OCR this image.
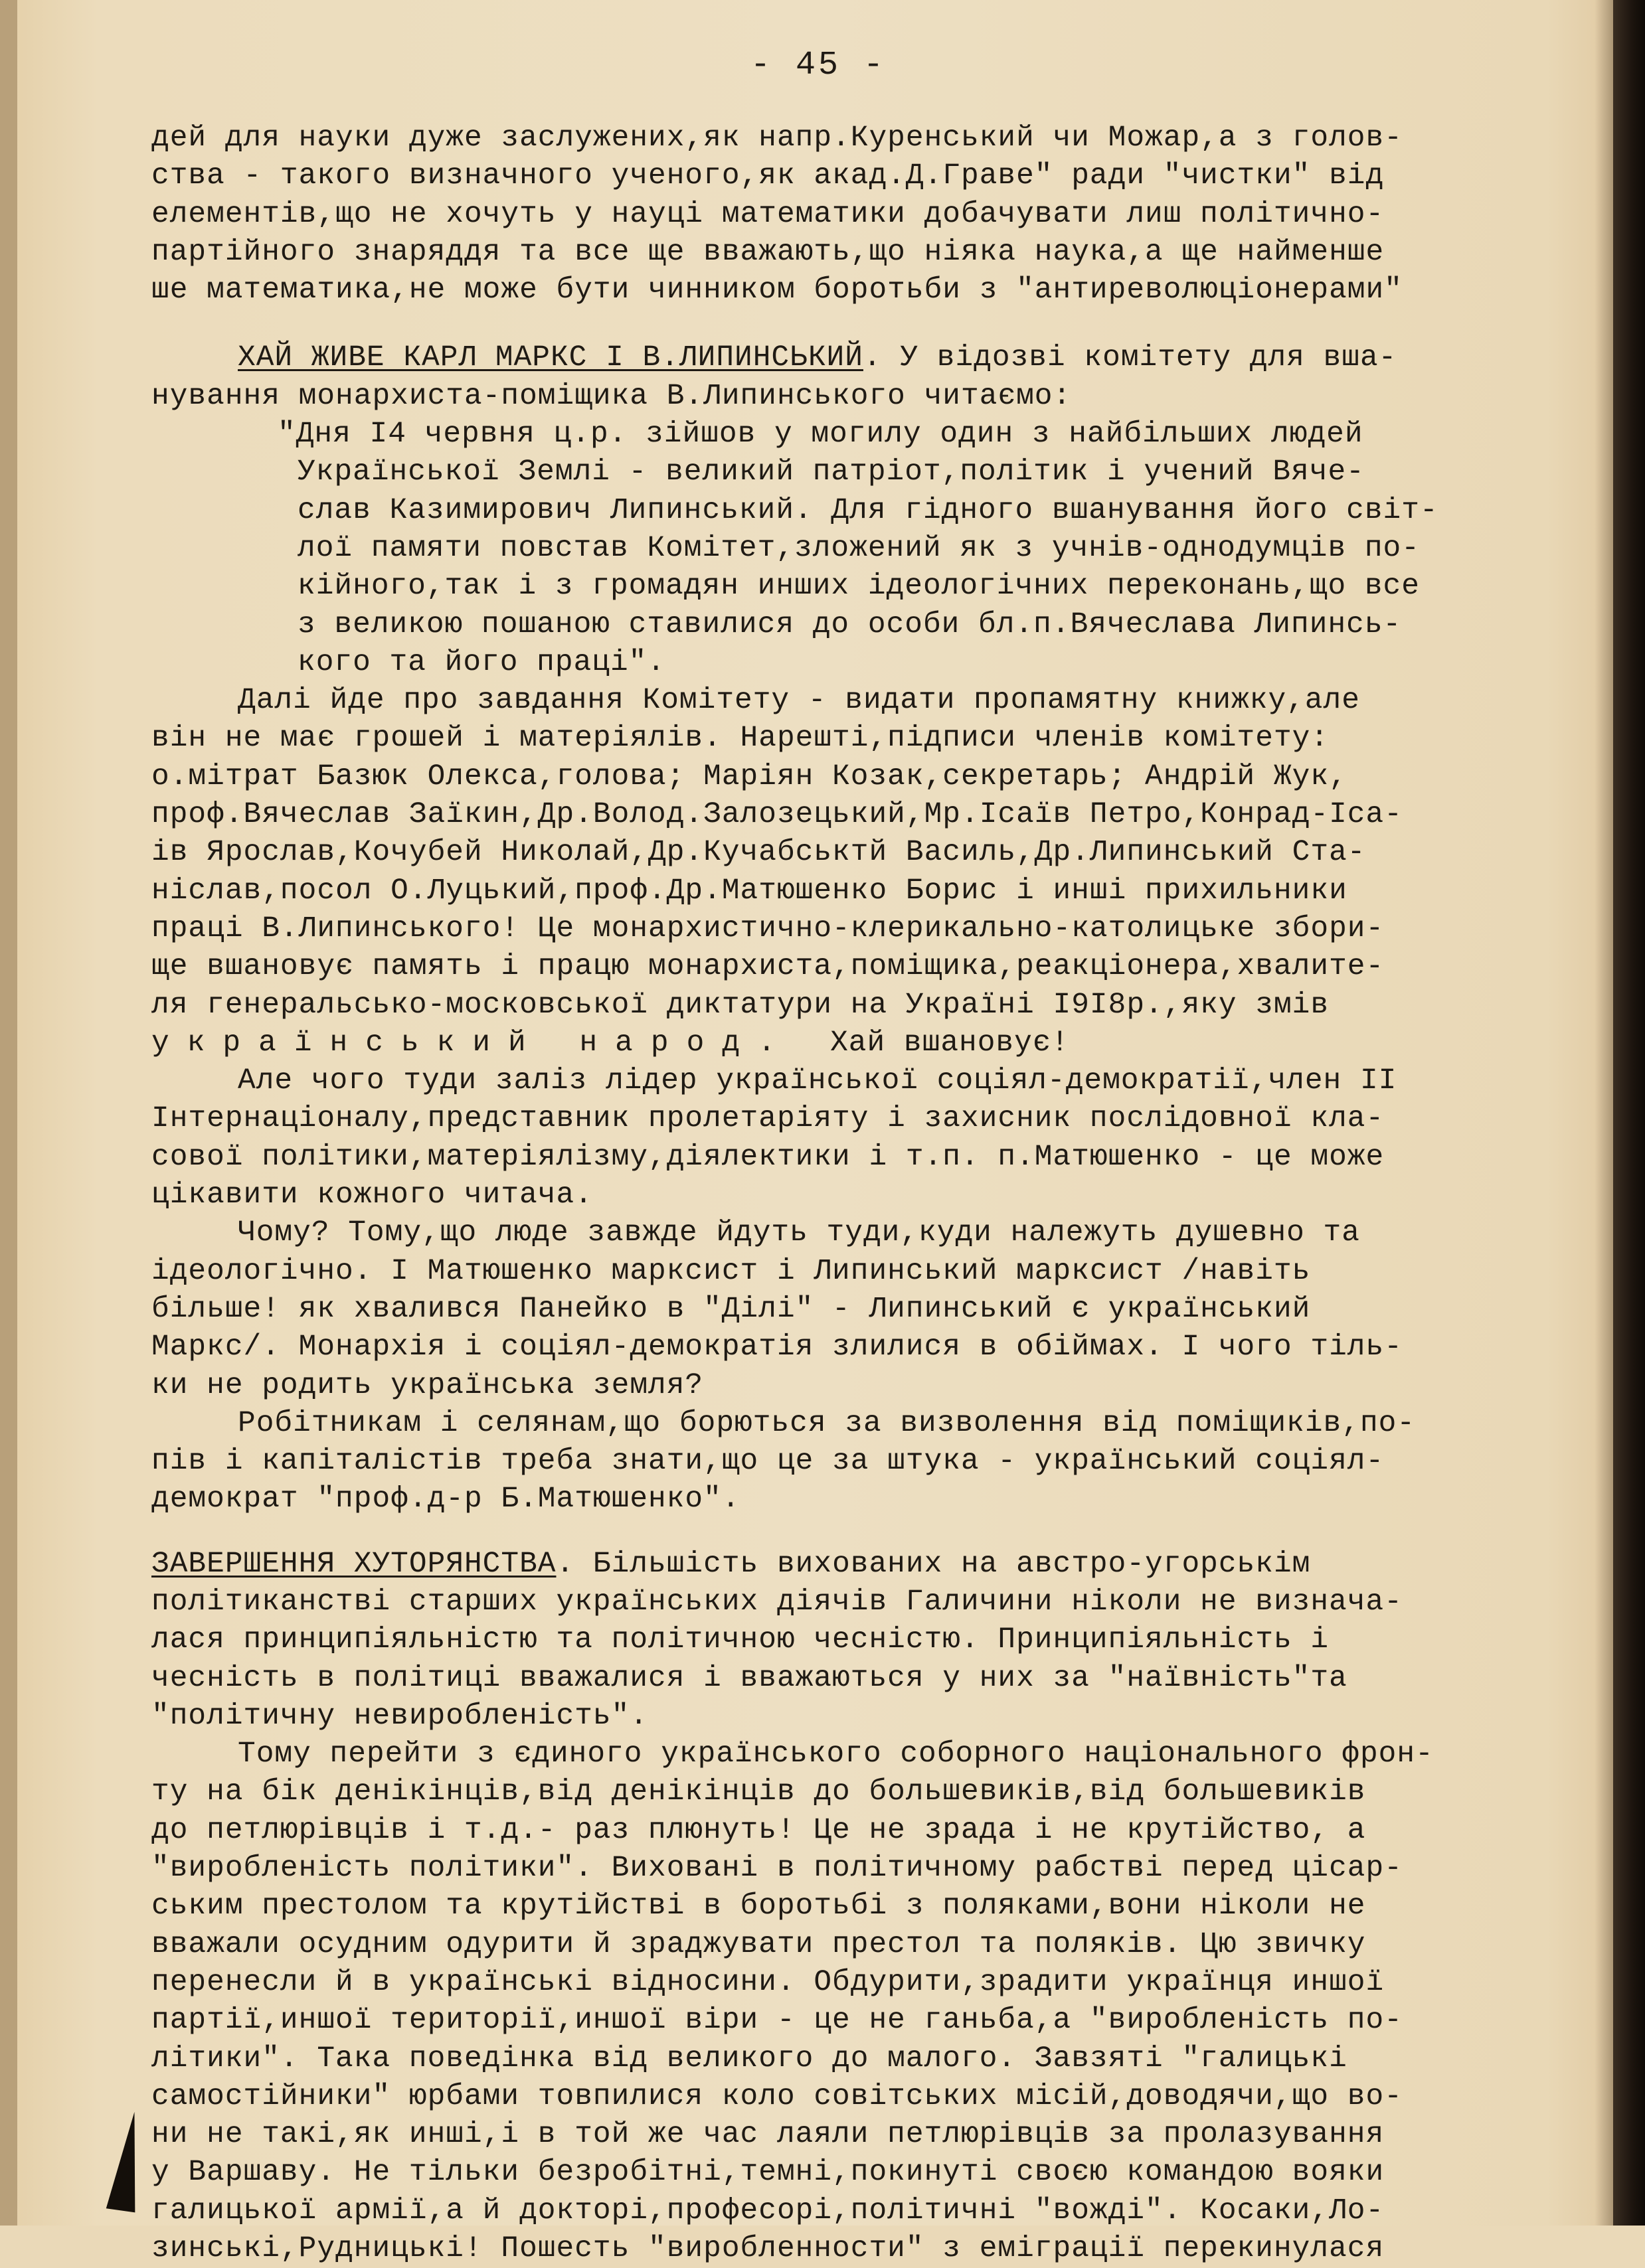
- 45 -
дей для науки дуже заслужених,як напр.Куренський чи Можар,а з голов-
ства - такого визначного ученого,як акад.Д.Граве" ради "чистки" від
елементів,що не хочуть у науці математики добачувати лиш політично-
партійного знаряддя та все ще вважають,що ніяка наука,а ще найменше
ше математика,не може бути чинником боротьби з "антиреволюціонерами"
ХАЙ ЖИВЕ КАРЛ МАРКС І В.ЛИПИНСЬКИЙ. У відозві комітету для вша-
нування монархиста-поміщика В.Липинського читаємо:
"Дня I4 червня ц.р. зійшов у могилу один з найбільших людей
Української Землі - великий патріот,політик і учений Вяче-
слав Казимирович Липинський. Для гідного вшанування його світ-
лої памяти повстав Комітет,зложений як з учнів-однодумців по-
кійного,так і з громадян инших ідеологічних переконань,що все
з великою пошаною ставилися до особи бл.п.Вячеслава Липинсь-
кого та його праці".
Далі йде про завдання Комітету - видати пропамятну книжку,але
він не має грошей і матеріялів. Нарешті,підписи членів комітету:
о.мітрат Базюк Олекса,голова; Маріян Козак,секретарь; Андрій Жук,
проф.Вячеслав Заїкин,Др.Волод.Залозецький,Мр.Ісаїв Петро,Конрад-Іса-
ів Ярослав,Кочубей Николай,Др.Кучабськтй Василь,Др.Липинський Ста-
ніслав,посол О.Луцький,проф.Др.Матюшенко Борис і инші прихильники
праці В.Липинського! Це монархистично-клерикально-католицьке збори-
ще вшановує память і працю монархиста,поміщика,реакціонера,хвалите-
ля генеральсько-московської диктатури на Україні I9I8р.,яку змів
український народ.  Хай вшановує!
Але чого туди заліз лідер української соціял-демократії,член II
Інтернаціоналу,представник пролетаріяту і захисник послідовної кла-
сової політики,матеріялізму,діялектики і т.п. п.Матюшенко - це може
цікавити кожного читача.
Чому? Тому,що люде завжде йдуть туди,куди належуть душевно та
ідеологічно. І Матюшенко марксист і Липинський марксист /навіть
більше! як хвалився Панейко в "Ділі" - Липинський є український
Маркс/. Монархія і соціял-демократія злилися в обіймах. І чого тіль-
ки не родить українська земля?
Робітникам і селянам,що борються за визволення від поміщиків,по-
пів і капіталістів треба знати,що це за штука - український соціял-
демократ "проф.д-р Б.Матюшенко".
ЗАВЕРШЕННЯ ХУТОРЯНСТВА. Більшість вихованих на австро-угорськім
політиканстві старших українських діячів Галичини ніколи не визнача-
лася принципіяльністю та політичною чесністю. Принципіяльність і
чесність в політиці вважалися і вважаються у них за "наївність"та
"політичну невиробленість".
Тому перейти з єдиного українського соборного національного фрон-
ту на бік денікінців,від денікінців до большевиків,від большевиків
до петлюрівців і т.д.- раз плюнуть! Це не зрада і не крутійство, а
"виробленість політики". Виховані в політичному рабстві перед цісар-
ським престолом та крутійстві в боротьбі з поляками,вони ніколи не
вважали осудним одурити й зраджувати престол та поляків. Цю звичку
перенесли й в українські відносини. Обдурити,зрадити українця иншої
партії,иншої території,иншої віри - це не ганьба,а "виробленість по-
літики". Така поведінка від великого до малого. Завзяті "галицькі
самостійники" юрбами товпилися коло совітських місій,доводячи,що во-
ни не такі,як инші,і в той же час лаяли петлюрівців за пролазування
у Варшаву. Не тільки безробітні,темні,покинуті своєю командою вояки
галицької армії,а й докторі,професорі,політичні "вожді". Косаки,Ло-
зинські,Рудницькі! Пошесть "виробленности" з еміграції перекинулася
